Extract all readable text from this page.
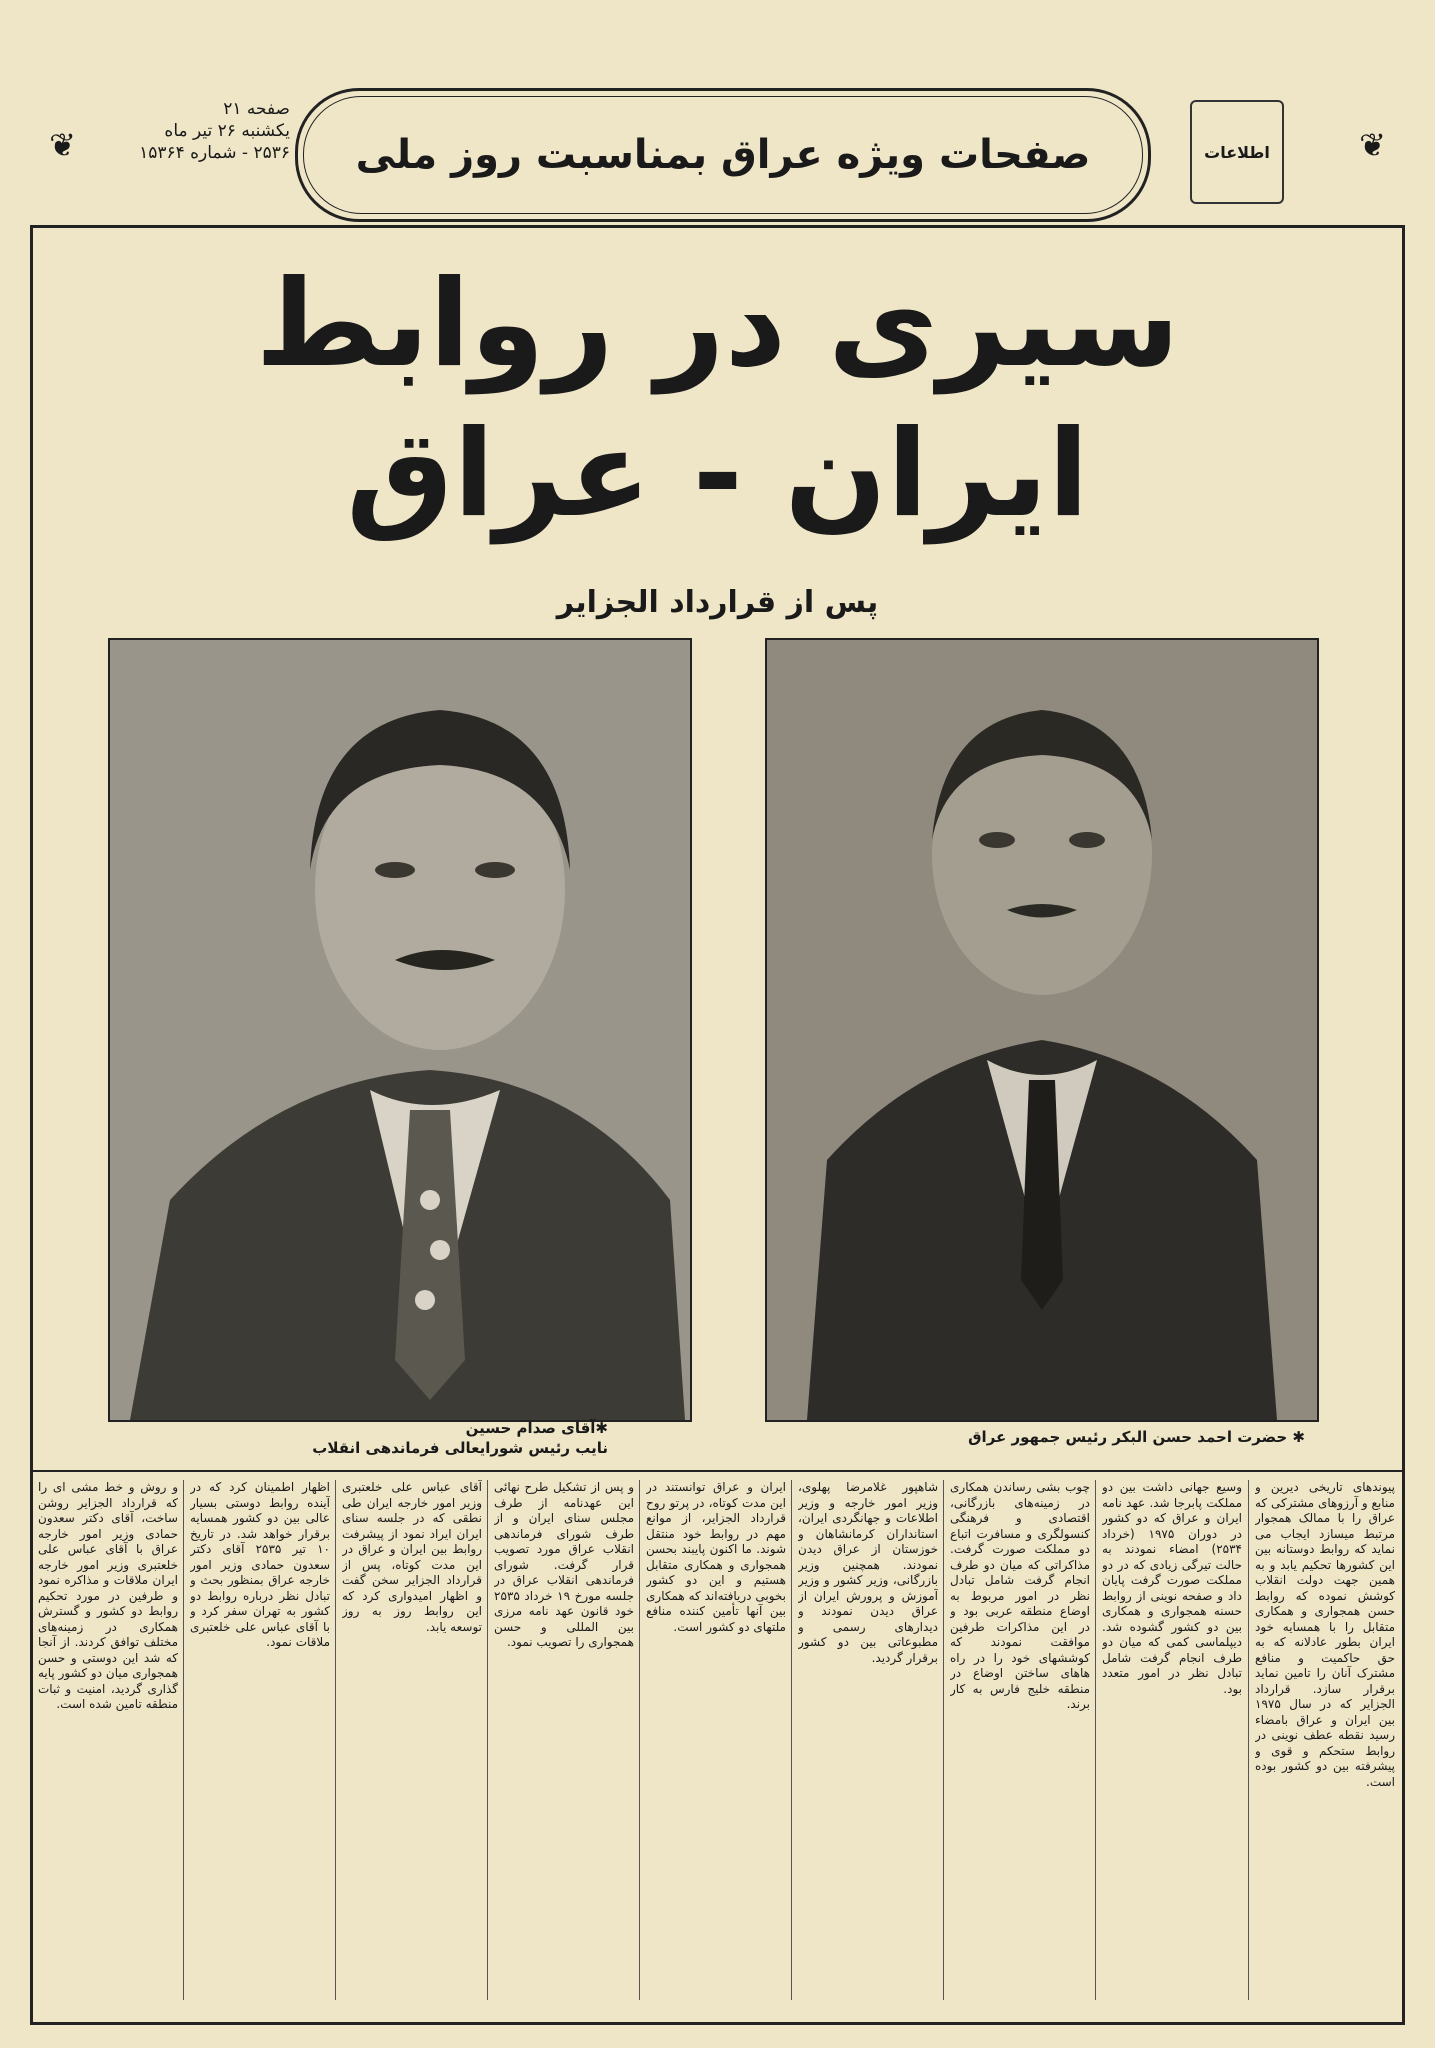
❦	❦
صفحه ۲۱
یکشنبه ۲۶ تیر ماه
۲۵۳۶ - شماره ۱۵۳۶۴	صفحات ویژه عراق بمناسبت روز ملی	اطلاعات
سیری در روابط
ایران - عراق
پس از قرارداد الجزایر
✱ حضرت احمد حسن البکر رئیس جمهور عراق
✱آقای صدام حسین
نایب رئیس شورایعالی فرماندهی انقلاب
پیوندهای تاریخی دیرین و منابع و آرزوهای مشترکی که عراق را با ممالک همجوار مرتبط میسازد ایجاب می نماید که روابط دوستانه بین این کشورها تحکیم یابد و به همین جهت دولت انقلاب کوشش نموده که روابط حسن همجواری و همکاری متقابل را با همسایه خود ایران بطور عادلانه که به حق حاکمیت و منافع مشترک آنان را تامین نماید برقرار سازد. قرارداد الجزایر که در سال ۱۹۷۵ بین ایران و عراق بامضاء رسید نقطه عطف نوینی در روابط ستحکم و قوی و پیشرفته بین دو کشور بوده است.
وسیع جهانی داشت بین دو مملکت پابرجا شد. عهد نامه ایران و عراق که دو کشور در دوران ۱۹۷۵ (خرداد ۲۵۳۴) امضاء نمودند به حالت تیرگی زیادی که در دو مملکت صورت گرفت پایان داد و صفحه نوینی از روابط حسنه همجواری و همکاری بین دو کشور گشوده شد. دیپلماسی کمی که میان دو طرف انجام گرفت شامل تبادل نظر در امور متعدد بود.
چوب بشی رساندن همکاری در زمینه‌های بازرگانی، اقتصادی و فرهنگی کنسولگری و مسافرت اتباع دو مملکت صورت گرفت. مذاکراتی که میان دو طرف انجام گرفت شامل تبادل نظر در امور مربوط به اوضاع منطقه عربی بود و در این مذاکرات طرفین موافقت نمودند که کوششهای خود را در راه هاهای ساختن اوضاع در منطقه خلیج فارس به کار برند.
شاهپور غلامرضا پهلوی، وزیر امور خارجه و وزیر اطلاعات و جهانگردی ایران، استانداران کرمانشاهان و خوزستان از عراق دیدن نمودند. همچنین وزیر بازرگانی، وزیر کشور و وزیر آموزش و پرورش ایران از عراق دیدن نمودند و دیدارهای رسمی و مطبوعاتی بین دو کشور برقرار گردید.
ایران و عراق توانستند در این مدت کوتاه، در پرتو روح قرارداد الجزایر، از موانع مهم در روابط خود منتقل شوند. ما اکنون پایبند بحسن همجواری و همکاری متقابل هستیم و این دو کشور بخوبی دریافته‌اند که همکاری بین آنها تأمین کننده منافع ملتهای دو کشور است.
و پس از تشکیل طرح نهائی این عهدنامه از طرف مجلس سنای ایران و از طرف شورای فرماندهی انقلاب عراق مورد تصویب قرار گرفت. شورای فرماندهی انقلاب عراق در جلسه مورخ ۱۹ خرداد ۲۵۳۵ خود قانون عهد نامه مرزی بین المللی و حسن همجواری را تصویب نمود.
آقای عباس علی خلعتبری وزیر امور خارجه ایران طی نطقی که در جلسه سنای ایران ایراد نمود از پیشرفت روابط بین ایران و عراق در این مدت کوتاه، پس از قرارداد الجزایر سخن گفت و اظهار امیدواری کرد که این روابط روز به روز توسعه یابد.
اظهار اطمینان کرد که در آینده روابط دوستی بسیار عالی بین دو کشور همسایه برقرار خواهد شد. در تاریخ ۱۰ تیر ۲۵۳۵ آقای دکتر سعدون حمادی وزیر امور خارجه عراق بمنظور بحث و تبادل نظر درباره روابط دو کشور به تهران سفر کرد و با آقای عباس علی خلعتبری ملاقات نمود.
و روش و خط مشی ای را که قرارداد الجزایر روشن ساخت، آقای دکتر سعدون حمادی وزیر امور خارجه عراق با آقای عباس علی خلعتبری وزیر امور خارجه ایران ملاقات و مذاکره نمود و طرفین در مورد تحکیم روابط دو کشور و گسترش همکاری در زمینه‌های مختلف توافق کردند. از آنجا که شد این دوستی و حسن همجواری میان دو کشور پایه گذاری گردید، امنیت و ثبات منطقه تامین شده است.
